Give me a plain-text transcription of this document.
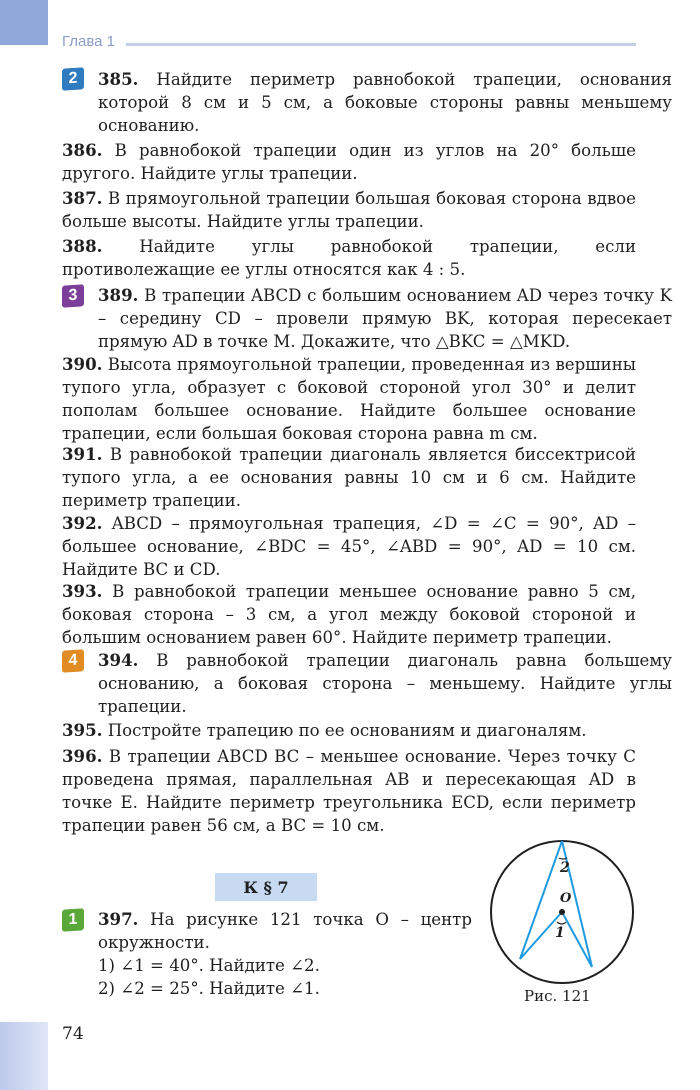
Глава 1
2	385. Найдите периметр равнобокой трапеции, основания которой 8 см и 5 см, а боковые стороны равны меньшему основанию.
386. В равнобокой трапеции один из углов на 20° больше другого. Найдите углы трапеции.
387. В прямоугольной трапеции большая боковая сторона вдвое больше высоты. Найдите углы трапеции.
388. Найдите углы равнобокой трапеции, если противолежащие ее углы относятся как 4 : 5.
3	389. В трапеции ABCD с большим основанием AD через точку K – середину CD – провели прямую BK, которая пересекает прямую AD в точке M. Докажите, что △BKC = △MKD.
390. Высота прямоугольной трапеции, проведенная из вершины тупого угла, образует с боковой стороной угол 30° и делит пополам большее основание. Найдите большее основание трапеции, если большая боковая сторона равна m см.
391. В равнобокой трапеции диагональ является биссектрисой тупого угла, а ее основания равны 10 см и 6 см. Найдите периметр трапеции.
392. ABCD – прямоугольная трапеция, ∠D = ∠C = 90°, AD – большее основание, ∠BDC = 45°, ∠ABD = 90°, AD = 10 см. Найдите BC и CD.
393. В равнобокой трапеции меньшее основание равно 5 см, боковая сторона – 3 см, а угол между боковой стороной и большим основанием равен 60°. Найдите периметр трапеции.
4	394. В равнобокой трапеции диагональ равна большему основанию, а боковая сторона – меньшему. Найдите углы трапеции.
395. Постройте трапецию по ее основаниям и диагоналям.
396. В трапеции ABCD BC – меньшее основание. Через точку C проведена прямая, параллельная AB и пересекающая AD в точке E. Найдите периметр треугольника ECD, если периметр трапеции равен 56 см, а BC = 10 см.
К § 7
1	397. На рисунке 121 точка O – центр окружности.
1) ∠1 = 40°. Найдите ∠2.
2) ∠2 = 25°. Найдите ∠1.
O
1
2
Рис. 121
74
